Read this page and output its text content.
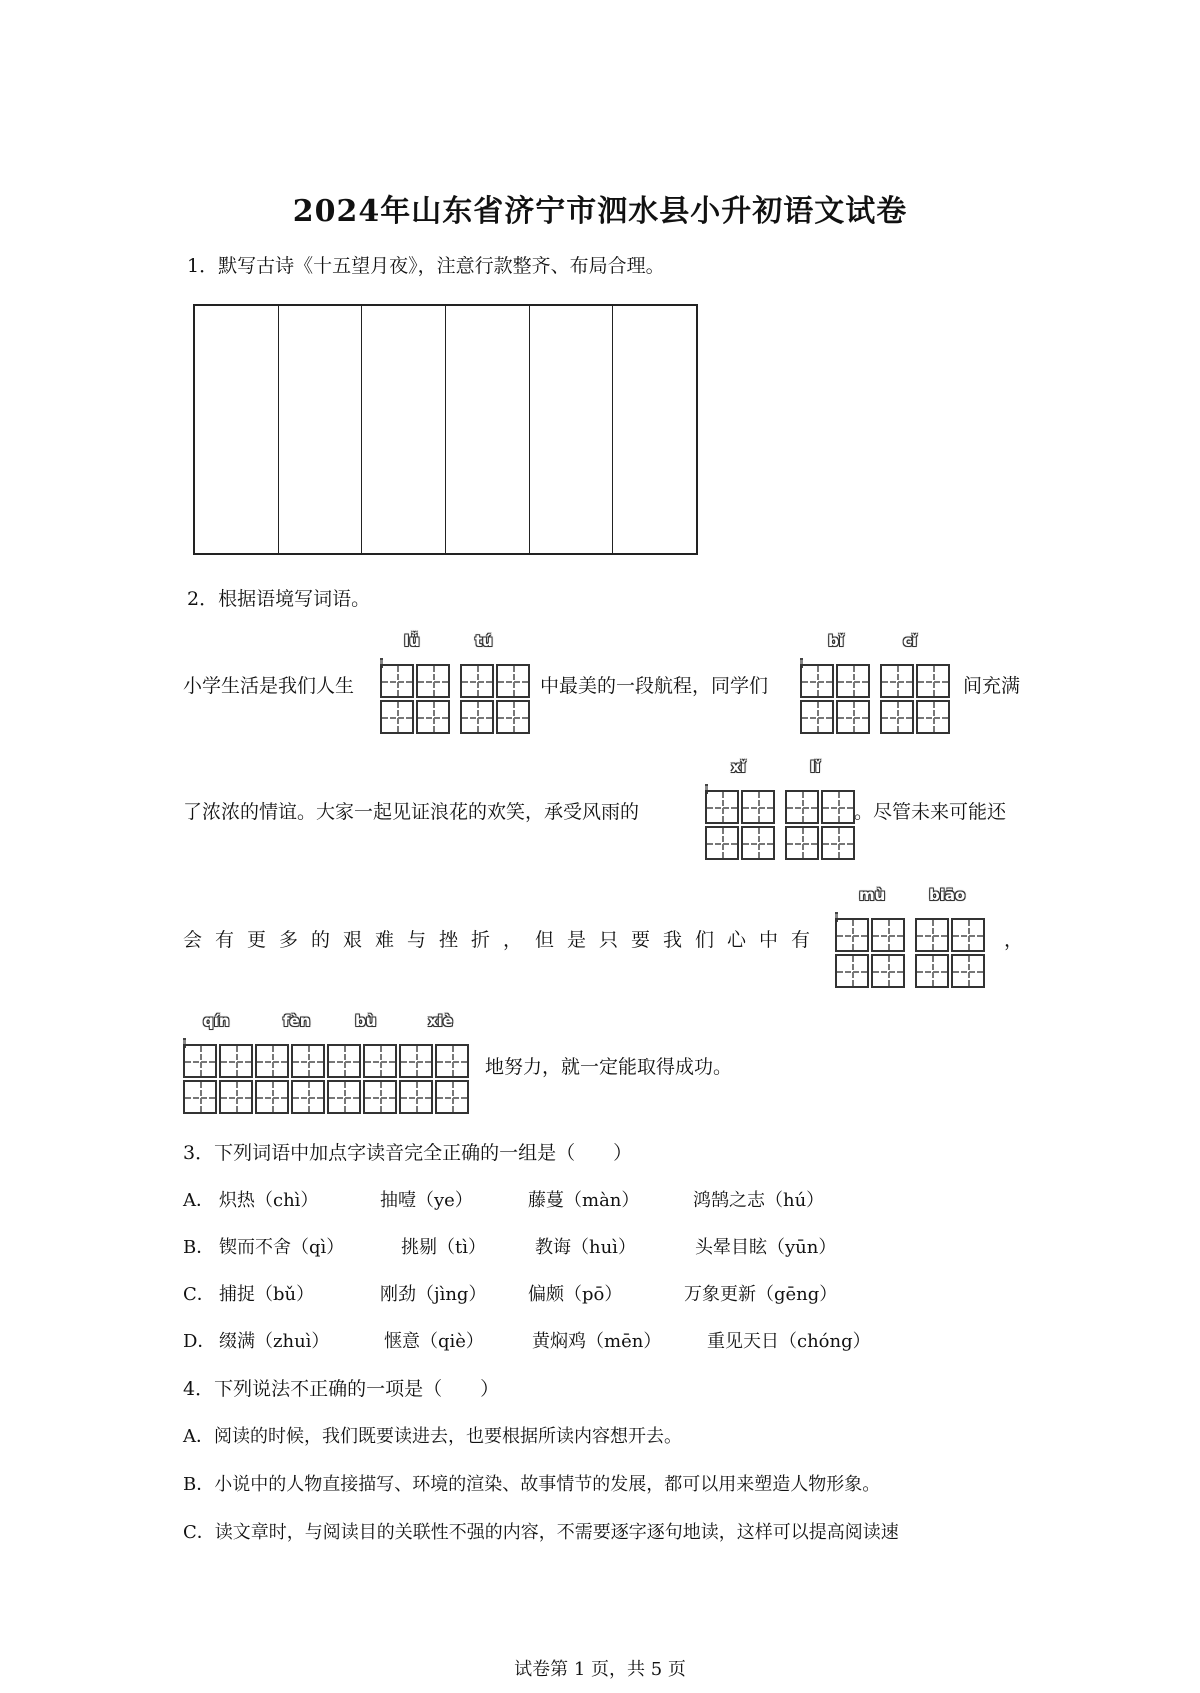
2024年山东省济宁市泗水县小升初语文试卷
1．默写古诗《十五望月夜》，注意行款整齐、布局合理。
2．根据语境写词语。
小学生活是我们人生
lǚ	tú
中最美的一段航程，同学们
bǐ	cǐ
间充满
了浓浓的情谊。大家一起见证浪花的欢笑，承受风雨的
xǐ	lǐ
。尽管未来可能还
会有更多的艰难与挫折，但是只要我们心中有
mù	biāo
，
qín	fèn	bù	xiè
地努力，就一定能取得成功。
3．下列词语中加点字读音完全正确的一组是（　　）
A． 炽热（chì）	抽噎（ye）	藤蔓（màn）	鸿鹄之志（hú）
B． 锲而不舍（qì）	挑剔（tì）	教诲（huì）	头晕目眩（yūn）
C． 捕捉（bǔ）	刚劲（jìng） 偏颇（pō）	万象更新（gēng）
D． 缀满（zhuì）	惬意（qiè）	黄焖鸡（mēn）	重见天日（chóng）
4．下列说法不正确的一项是（　　）
A．阅读的时候，我们既要读进去，也要根据所读内容想开去。
B．小说中的人物直接描写、环境的渲染、故事情节的发展，都可以用来塑造人物形象。
C．读文章时，与阅读目的关联性不强的内容，不需要逐字逐句地读，这样可以提高阅读速
试卷第 1 页，共 5 页
